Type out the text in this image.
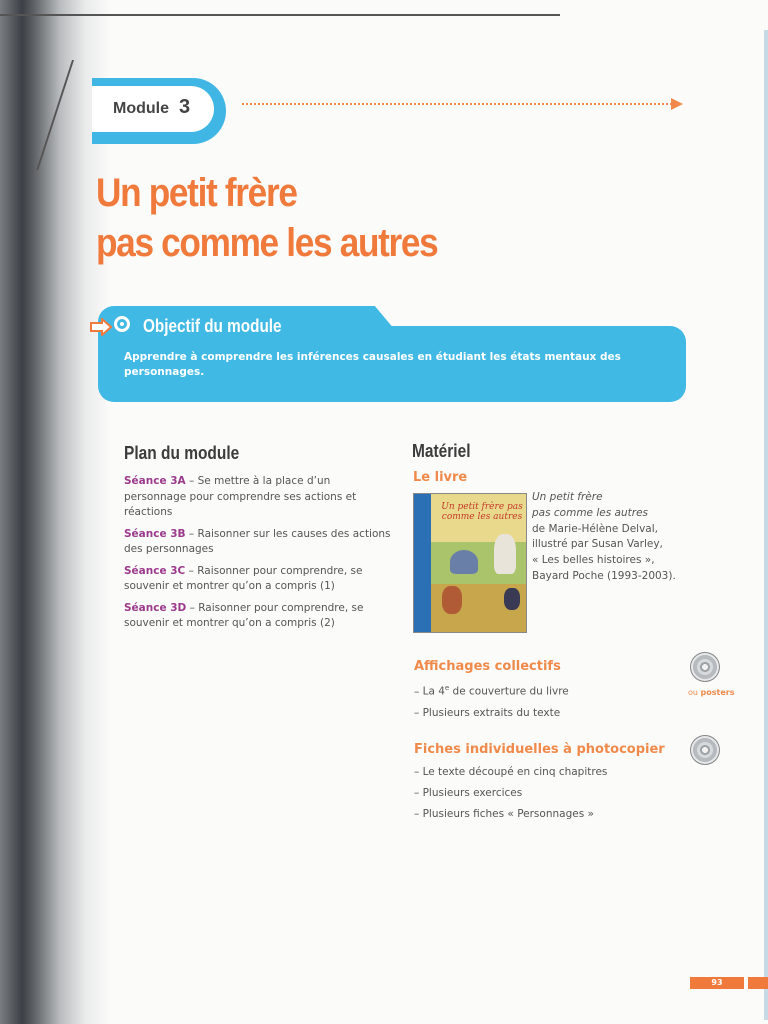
Module 3
Un petit frère
pas comme les autres
Objectif du module
Apprendre à comprendre les inférences causales en étudiant les états mentaux des personnages.
Plan du module
Séance 3A – Se mettre à la place d’un personnage pour comprendre ses actions et réactions
Séance 3B – Raisonner sur les causes des actions des personnages
Séance 3C – Raisonner pour comprendre, se souvenir et montrer qu’on a compris (1)
Séance 3D – Raisonner pour comprendre, se souvenir et montrer qu’on a compris (2)
Matériel
Le livre
Un petit frère pas comme les autres
Un petit frère
pas comme les autres
de Marie-Hélène Delval,
illustré par Susan Varley,
« Les belles histoires »,
Bayard Poche (1993-2003).
Affichages collectifs
– La 4e de couverture du livre
– Plusieurs extraits du texte
ou posters
Fiches individuelles à photocopier
– Le texte découpé en cinq chapitres
– Plusieurs exercices
– Plusieurs fiches « Personnages »
93
